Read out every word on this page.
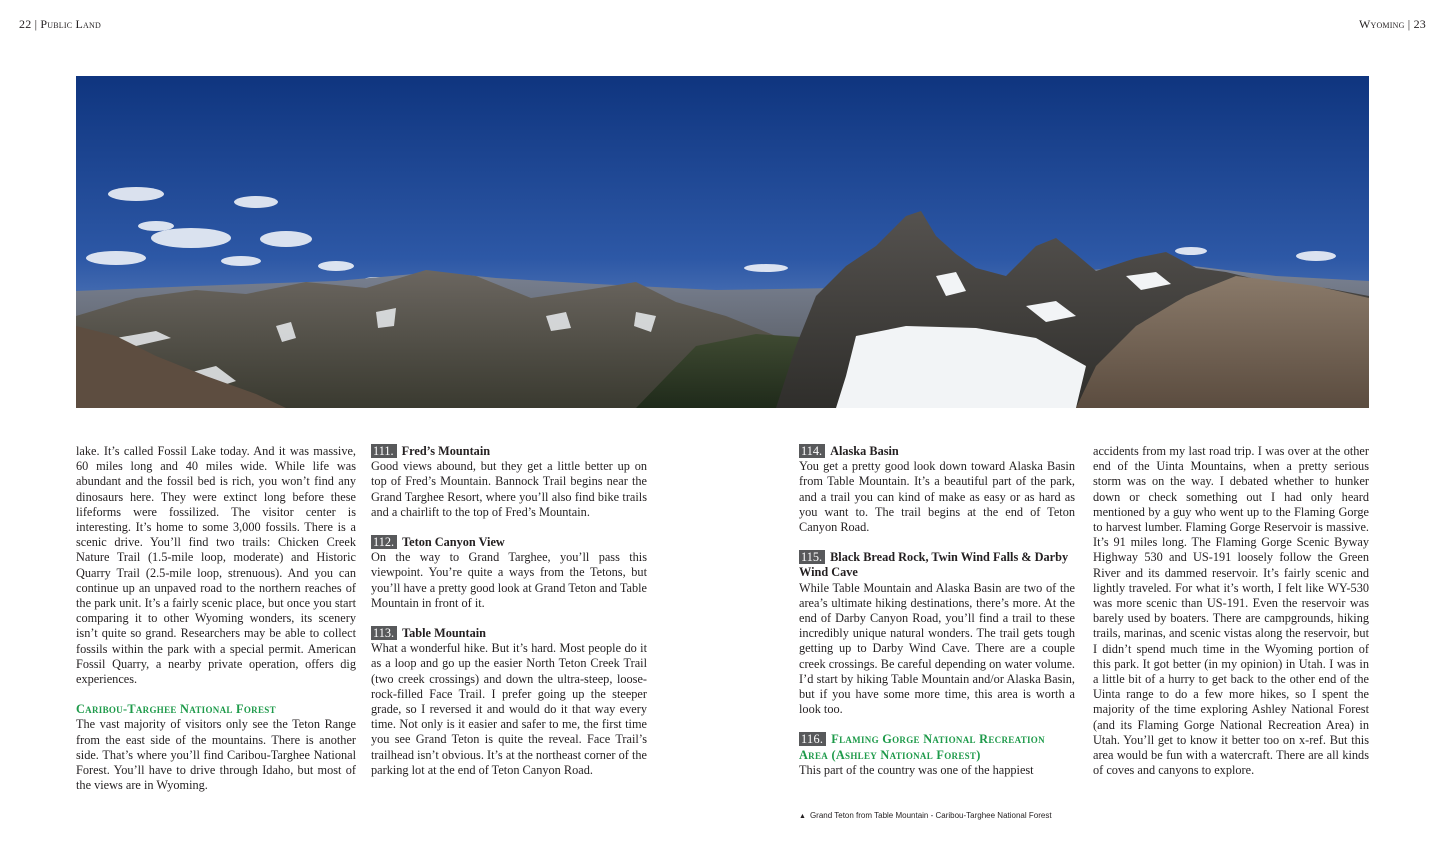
22 | Public Land	Wyoming | 23

lake. It’s called Fossil Lake today. And it was massive, 60 miles long and 40 miles wide. While life was abundant and the fossil bed is rich, you won’t find any dinosaurs here. They were extinct long before these lifeforms were fossilized. The visitor center is interesting. It’s home to some 3,000 fossils. There is a scenic drive. You’ll find two trails: Chicken Creek Nature Trail (1.5-mile loop, moderate) and Historic Quarry Trail (2.5-mile loop, strenuous). And you can continue up an unpaved road to the northern reaches of the park unit. It’s a fairly scenic place, but once you start comparing it to other Wyoming wonders, its scenery isn’t quite so grand. Researchers may be able to collect fossils within the park with a special permit. American Fossil Quarry, a nearby private operation, offers dig experiences.

Caribou-Targhee National Forest

The vast majority of visitors only see the Teton Range from the east side of the mountains. There is another side. That’s where you’ll find Caribou-Targhee National Forest. You’ll have to drive through Idaho, but most of the views are in Wyoming.

111. Fred’s Mountain

Good views abound, but they get a little better up on top of Fred’s Mountain. Bannock Trail begins near the Grand Targhee Resort, where you’ll also find bike trails and a chairlift to the top of Fred’s Mountain.

112. Teton Canyon View

On the way to Grand Targhee, you’ll pass this viewpoint. You’re quite a ways from the Tetons, but you’ll have a pretty good look at Grand Teton and Table Mountain in front of it.

113. Table Mountain

What a wonderful hike. But it’s hard. Most people do it as a loop and go up the easier North Teton Creek Trail (two creek crossings) and down the ultra-steep, loose-rock-filled Face Trail. I prefer going up the steeper grade, so I reversed it and would do it that way every time. Not only is it easier and safer to me, the first time you see Grand Teton is quite the reveal. Face Trail’s trailhead isn’t obvious. It’s at the northeast corner of the parking lot at the end of Teton Canyon Road.

114. Alaska Basin

You get a pretty good look down toward Alaska Basin from Table Mountain. It’s a beautiful part of the park, and a trail you can kind of make as easy or as hard as you want to. The trail begins at the end of Teton Canyon Road.

115. Black Bread Rock, Twin Wind Falls & Darby Wind Cave

While Table Mountain and Alaska Basin are two of the area’s ultimate hiking destinations, there’s more. At the end of Darby Canyon Road, you’ll find a trail to these incredibly unique natural wonders. The trail gets tough getting up to Darby Wind Cave. There are a couple creek crossings. Be careful depending on water volume. I’d start by hiking Table Mountain and/or Alaska Basin, but if you have some more time, this area is worth a look too.

116. Flaming Gorge National Recreation Area (Ashley National Forest)

This part of the country was one of the happiest

accidents from my last road trip. I was over at the other end of the Uinta Mountains, when a pretty serious storm was on the way. I debated whether to hunker down or check something out I had only heard mentioned by a guy who went up to the Flaming Gorge to harvest lumber. Flaming Gorge Reservoir is massive. It’s 91 miles long. The Flaming Gorge Scenic Byway Highway 530 and US-191 loosely follow the Green River and its dammed reservoir. It’s fairly scenic and lightly traveled. For what it’s worth, I felt like WY-530 was more scenic than US-191. Even the reservoir was barely used by boaters. There are campgrounds, hiking trails, marinas, and scenic vistas along the reservoir, but I didn’t spend much time in the Wyoming portion of this park. It got better (in my opinion) in Utah. I was in a little bit of a hurry to get back to the other end of the Uinta range to do a few more hikes, so I spent the majority of the time exploring Ashley National Forest (and its Flaming Gorge National Recreation Area) in Utah. You’ll get to know it better too on x-ref. But this area would be fun with a watercraft. There are all kinds of coves and canyons to explore.

▲ Grand Teton from Table Mountain - Caribou-Targhee National Forest
